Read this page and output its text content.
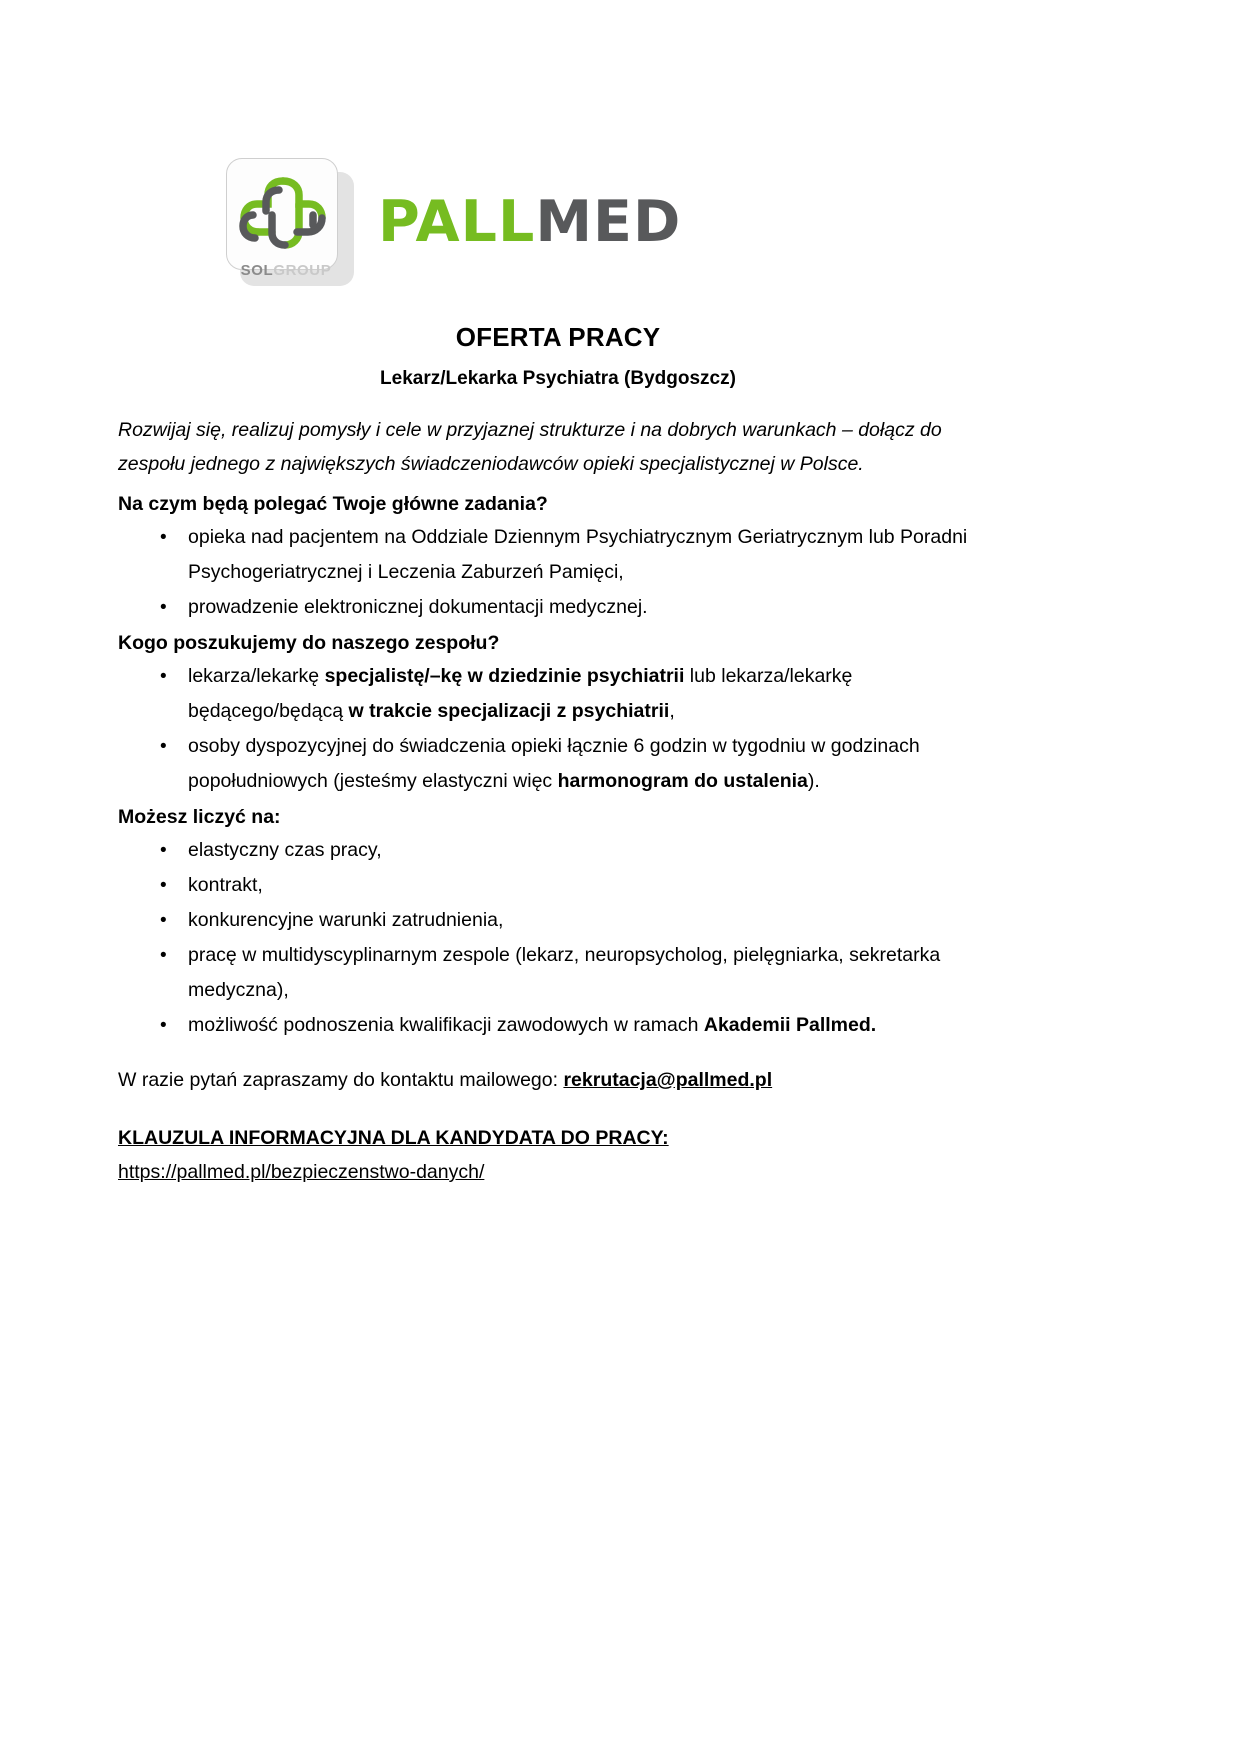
SOLGROUP
PALLMED
OFERTA PRACY
Lekarz/Lekarka Psychiatra (Bydgoszcz)
Rozwijaj się, realizuj pomysły i cele w przyjaznej strukturze i na dobrych warunkach – dołącz do zespołu jednego z największych świadczeniodawców opieki specjalistycznej w Polsce.
Na czym będą polegać Twoje główne zadania?
• opieka nad pacjentem na Oddziale Dziennym Psychiatrycznym Geriatrycznym lub Poradni Psychogeriatrycznej i Leczenia Zaburzeń Pamięci,
• prowadzenie elektronicznej dokumentacji medycznej.
Kogo poszukujemy do naszego zespołu?
• lekarza/lekarkę specjalistę/–kę w dziedzinie psychiatrii lub lekarza/lekarkę będącego/będącą w trakcie specjalizacji z psychiatrii,
• osoby dyspozycyjnej do świadczenia opieki łącznie 6 godzin w tygodniu w godzinach popołudniowych (jesteśmy elastyczni więc harmonogram do ustalenia).
Możesz liczyć na:
• elastyczny czas pracy,
• kontrakt,
• konkurencyjne warunki zatrudnienia,
• pracę w multidyscyplinarnym zespole (lekarz, neuropsycholog, pielęgniarka, sekretarka medyczna),
• możliwość podnoszenia kwalifikacji zawodowych w ramach Akademii Pallmed.

W razie pytań zapraszamy do kontaktu mailowego: rekrutacja@pallmed.pl

KLAUZULA INFORMACYJNA DLA KANDYDATA DO PRACY:

https://pallmed.pl/bezpieczenstwo-danych/
